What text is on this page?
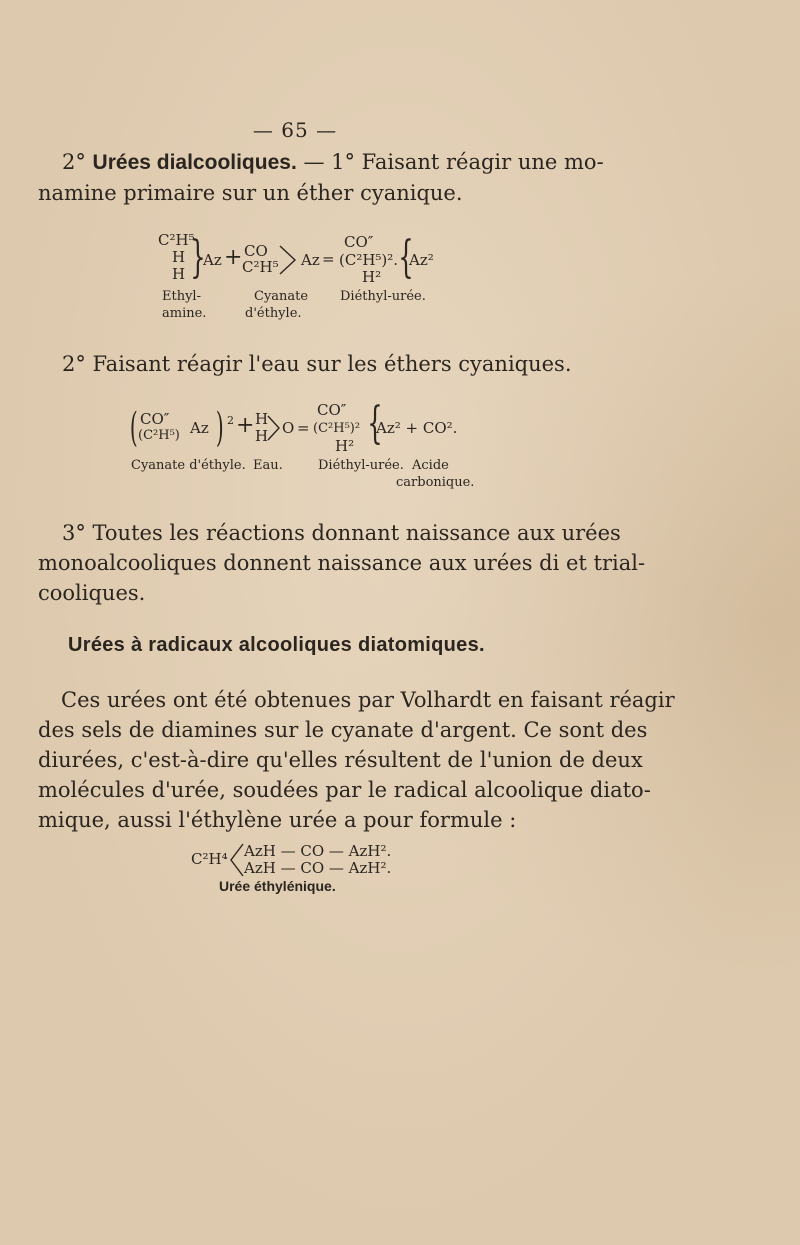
— 65 —
2° Urées dialcooliques. — 1° Faisant réagir une mo-
namine primaire sur un éther cyanique.
C²H⁵
H
H }
Az + CO
C²H⁵ Az =
CO″
(C²H⁵)².
H² {
Az²
Ethyl-
amine.
Cyanate
d'éthyle.
Diéthyl-urée.
2° Faisant réagir l'eau sur les éthers cyaniques.
( CO″
(C²H⁵) Az ) 2 + H
H O =
CO″
(C²H⁵)²
H² {
Az² + CO².
Cyanate d'éthyle. Eau.	Diéthyl-urée. Acide
carbonique.
3° Toutes les réactions donnant naissance aux urées
monoalcooliques donnent naissance aux urées di et trial-
cooliques.
Urées à radicaux alcooliques diatomiques.
Ces urées ont été obtenues par Volhardt en faisant réagir
des sels de diamines sur le cyanate d'argent. Ce sont des
diurées, c'est-à-dire qu'elles résultent de l'union de deux
molécules d'urée, soudées par le radical alcoolique diato-
mique, aussi l'éthylène urée a pour formule :
C²H⁴ AzH — CO — AzH².
AzH — CO — AzH².
Urée éthylénique.
